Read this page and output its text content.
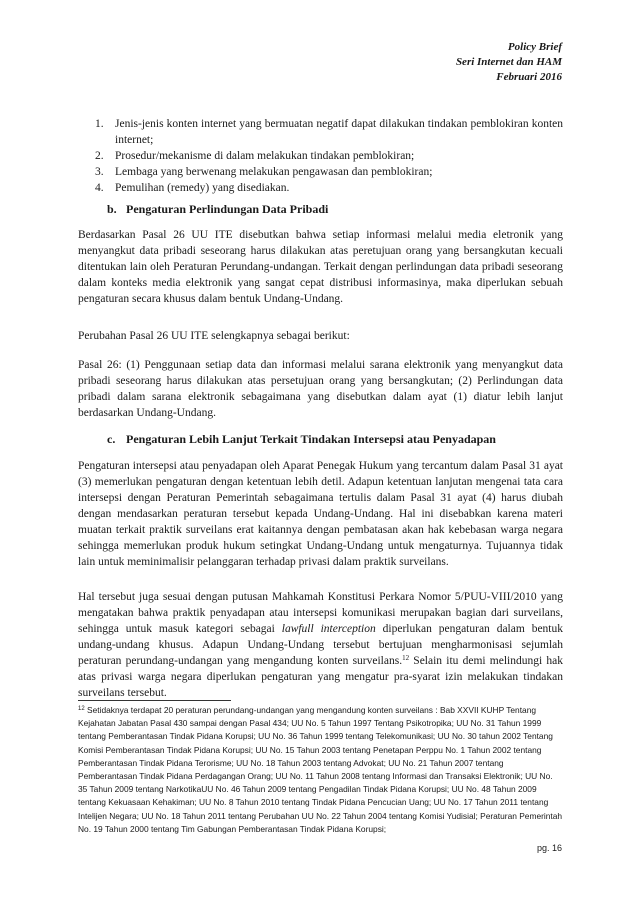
Policy Brief
Seri Internet dan HAM
Februari 2016
1. Jenis-jenis konten internet yang bermuatan negatif dapat dilakukan tindakan pemblokiran konten internet;
2. Prosedur/mekanisme di dalam melakukan tindakan pemblokiran;
3. Lembaga yang berwenang melakukan pengawasan dan pemblokiran;
4. Pemulihan (remedy) yang disediakan.
b. Pengaturan Perlindungan Data Pribadi

Berdasarkan Pasal 26 UU ITE disebutkan bahwa setiap informasi melalui media eletronik yang menyangkut data pribadi seseorang harus dilakukan atas peretujuan orang yang bersangkutan kecuali ditentukan lain oleh Peraturan Perundang-undangan. Terkait dengan perlindungan data pribadi seseorang dalam konteks media elektronik yang sangat cepat distribusi informasinya, maka diperlukan sebuah pengaturan secara khusus dalam bentuk Undang-Undang.

Perubahan Pasal 26 UU ITE selengkapnya sebagai berikut:

Pasal 26: (1) Penggunaan setiap data dan informasi melalui sarana elektronik yang menyangkut data pribadi seseorang harus dilakukan atas persetujuan orang yang bersangkutan; (2) Perlindungan data pribadi dalam sarana elektronik sebagaimana yang disebutkan dalam ayat (1) diatur lebih lanjut berdasarkan Undang-Undang.

c. Pengaturan Lebih Lanjut Terkait Tindakan Intersepsi atau Penyadapan

Pengaturan intersepsi atau penyadapan oleh Aparat Penegak Hukum yang tercantum dalam Pasal 31 ayat (3) memerlukan pengaturan dengan ketentuan lebih detil. Adapun ketentuan lanjutan mengenai tata cara intersepsi dengan Peraturan Pemerintah sebagaimana tertulis dalam Pasal 31 ayat (4) harus diubah dengan mendasarkan peraturan tersebut kepada Undang-Undang. Hal ini disebabkan karena materi muatan terkait praktik surveilans erat kaitannya dengan pembatasan akan hak kebebasan warga negara sehingga memerlukan produk hukum setingkat Undang-Undang untuk mengaturnya. Tujuannya tidak lain untuk meminimalisir pelanggaran terhadap privasi dalam praktik surveilans.

Hal tersebut juga sesuai dengan putusan Mahkamah Konstitusi Perkara Nomor 5/PUU-VIII/2010 yang mengatakan bahwa praktik penyadapan atau intersepsi komunikasi merupakan bagian dari surveilans, sehingga untuk masuk kategori sebagai lawfull interception diperlukan pengaturan dalam bentuk undang-undang khusus. Adapun Undang-Undang tersebut bertujuan mengharmonisasi sejumlah peraturan perundang-undangan yang mengandung konten surveilans.$^{12}$ Selain itu demi melindungi hak atas privasi warga negara diperlukan pengaturan yang mengatur pra-syarat izin melakukan tindakan surveilans tersebut.

$^{12}$ Setidaknya terdapat 20 peraturan perundang-undangan yang mengandung konten surveilans : Bab XXVII KUHP Tentang Kejahatan Jabatan Pasal 430 sampai dengan Pasal 434; UU No. 5 Tahun 1997 Tentang Psikotropika; UU No. 31 Tahun 1999 tentang Pemberantasan Tindak Pidana Korupsi; UU No. 36 Tahun 1999 tentang Telekomunikasi; UU No. 30 tahun 2002 Tentang Komisi Pemberantasan Tindak Pidana Korupsi; UU No. 15 Tahun 2003 tentang Penetapan Perppu No. 1 Tahun 2002 tentang Pemberantasan Tindak Pidana Terorisme; UU No. 18 Tahun 2003 tentang Advokat; UU No. 21 Tahun 2007 tentang Pemberantasan Tindak Pidana Perdagangan Orang; UU No. 11 Tahun 2008 tentang Informasi dan Transaksi Elektronik; UU No. 35 Tahun 2009 tentang NarkotikaUU No. 46 Tahun 2009 tentang Pengadilan Tindak Pidana Korupsi; UU No. 48 Tahun 2009 tentang Kekuasaan Kehakiman; UU No. 8 Tahun 2010 tentang Tindak Pidana Pencucian Uang; UU No. 17 Tahun 2011 tentang Intelijen Negara; UU No. 18 Tahun 2011 tentang Perubahan UU No. 22 Tahun 2004 tentang Komisi Yudisial; Peraturan Pemerintah No. 19 Tahun 2000 tentang Tim Gabungan Pemberantasan Tindak Pidana Korupsi;

pg. 16
